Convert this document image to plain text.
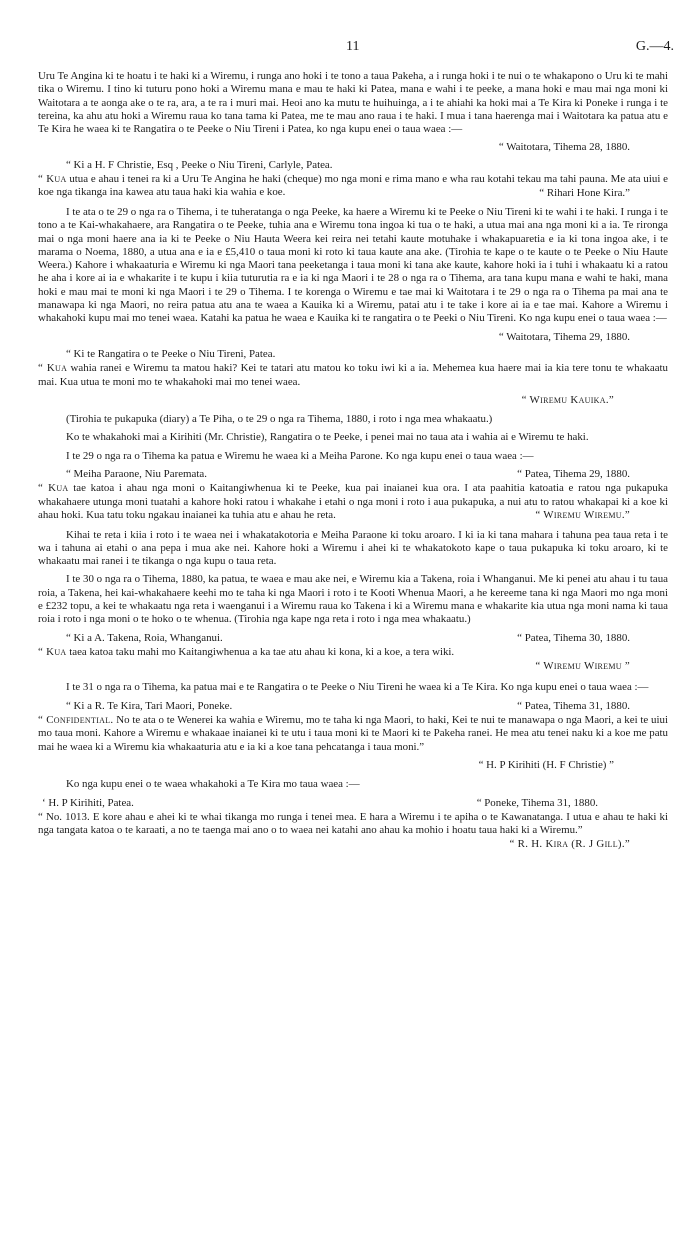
11	G.—4.

Uru Te Angina ki te hoatu i te haki ki a Wiremu, i runga ano hoki i te tono a taua Pakeha, a i runga hoki i te nui o te whakapono o Uru ki te mahi tika o Wiremu. I tino ki tuturu pono hoki a Wiremu mana e mau te haki ki Patea, mana e wahi i te peeke, a mana hoki e mau mai nga moni ki Waitotara a te aonga ake o te ra, ara, a te ra i muri mai. Heoi ano ka mutu te huihuinga, a i te ahiahi ka hoki mai a Te Kira ki Poneke i runga i te tereina, ka ahu atu hoki a Wiremu raua ko tana tama ki Patea, me te mau ano raua i te haki. I mua i tana haerenga mai i Waitotara ka patua atu e Te Kira he waea ki te Rangatira o te Peeke o Niu Tireni i Patea, ko nga kupu enei o taua waea :—

“ Waitotara, Tihema 28, 1880.
“ Ki a H. F Christie, Esq , Peeke o Niu Tireni, Carlyle, Patea.

“ Kua utua e ahau i tenei ra ki a Uru Te Angina he haki (cheque) mo nga moni e rima mano e wha rau kotahi tekau ma tahi pauna. Me ata uiui e koe nga tikanga ina kawea atu taua haki kia wahia e koe.	“ Rihari Hone Kira.”

I te ata o te 29 o nga ra o Tihema, i te tuheratanga o nga Peeke, ka haere a Wiremu ki te Peeke o Niu Tireni ki te wahi i te haki. I runga i te tono a te Kai-whakahaere, ara Rangatira o te Peeke, tuhia ana e Wiremu tona ingoa ki tua o te haki, a utua mai ana nga moni ki a ia. Te rironga mai o nga moni haere ana ia ki te Peeke o Niu Hauta Weera kei reira nei tetahi kaute motuhake i whakapuaretia e ia ki tona ingoa ake, i te marama o Noema, 1880, a utua ana e ia e £5,410 o taua moni ki roto ki taua kaute ana ake. (Tirohia te kape o te kaute o te Peeke o Niu Haute Weera.) Kahore i whakaaturia e Wiremu ki nga Maori tana peeketanga i taua moni ki tana ake kaute, kahore hoki ia i tuhi i whakaatu ki a ratou he aha i kore ai ia e whakarite i te kupu i kiia tuturutia ra e ia ki nga Maori i te 28 o nga ra o Tihema, ara tana kupu mana e wahi te haki, mana hoki e mau mai te moni ki nga Maori i te 29 o Tihema. I te korenga o Wiremu e tae mai ki Waitotara i te 29 o nga ra o Tihema pa mai ana te manawapa ki nga Maori, no reira patua atu ana te waea a Kauika ki a Wiremu, patai atu i te take i kore ai ia e tae mai. Kahore a Wiremu i whakahoki kupu mai mo tenei waea. Katahi ka patua he waea e Kauika ki te rangatira o te Peeki o Niu Tireni. Ko nga kupu enei o taua waea :—

“ Waitotara, Tihema 29, 1880.
“ Ki te Rangatira o te Peeke o Niu Tireni, Patea.

“ Kua wahia ranei e Wiremu ta matou haki? Kei te tatari atu matou ko toku iwi ki a ia. Mehemea kua haere mai ia kia tere tonu te whakaatu mai. Kua utua te moni mo te whakahoki mai mo tenei waea.

“ Wiremu Kauika.”

(Tirohia te pukapuka (diary) a Te Piha, o te 29 o nga ra Tihema, 1880, i roto i nga mea whakaatu.)

Ko te whakahoki mai a Kirihiti (Mr. Christie), Rangatira o te Peeke, i penei mai no taua ata i wahia ai e Wiremu te haki.

I te 29 o nga ra o Tihema ka patua e Wiremu he waea ki a Meiha Parone. Ko nga kupu enei o taua waea :—

“ Meiha Paraone, Niu Paremata.	“ Patea, Tihema 29, 1880.

“ Kua tae katoa i ahau nga moni o Kaitangiwhenua ki te Peeke, kua pai inaianei kua ora. I ata paahitia katoatia e ratou nga pukapuka whakahaere utunga moni tuatahi a kahore hoki ratou i whakahe i etahi o nga moni i roto i aua pukapuka, a nui atu to ratou whakapai ki a koe ki ahau hoki. Kua tatu toku ngakau inaianei ka tuhia atu e ahau he reta.	“ Wiremu Wiremu.”

Kihai te reta i kiia i roto i te waea nei i whakatakotoria e Meiha Paraone ki toku aroaro. I ki ia ki tana mahara i tahuna pea taua reta i te wa i tahuna ai etahi o ana pepa i mua ake nei. Kahore hoki a Wiremu i ahei ki te whakatokoto kape o taua pukapuka ki toku aroaro, ki te whakaatu mai ranei i te tikanga o nga kupu o taua reta.

I te 30 o nga ra o Tihema, 1880, ka patua, te waea e mau ake nei, e Wiremu kia a Takena, roia i Whanganui. Me ki penei atu ahau i tu taua roia, a Takena, hei kai-whakahaere keehi mo te taha ki nga Maori i roto i te Kooti Whenua Maori, a he kereeme tana ki nga Maori mo nga moni e £232 topu, a kei te whakaatu nga reta i waenganui i a Wiremu raua ko Takena i ki a Wiremu mana e whakarite kia utua nga moni nama ki taua roia i roto i nga moni o te hoko o te whenua. (Tirohia nga kape nga reta i roto i nga mea whakaatu.)

“ Ki a A. Takena, Roia, Whanganui.	“ Patea, Tihema 30, 1880.

“ Kua taea katoa taku mahi mo Kaitangiwhenua a ka tae atu ahau ki kona, ki a koe, a tera wiki.

“ Wiremu Wiremu ”

I te 31 o nga ra o Tihema, ka patua mai e te Rangatira o te Peeke o Niu Tireni he waea ki a Te Kira. Ko nga kupu enei o taua waea :—

“ Ki a R. Te Kira, Tari Maori, Poneke.	“ Patea, Tihema 31, 1880.

“ Confidential. No te ata o te Wenerei ka wahia e Wiremu, mo te taha ki nga Maori, to haki, Kei te nui te manawapa o nga Maori, a kei te uiui mo taua moni. Kahore a Wiremu e whakaae inaianei ki te utu i taua moni ki te Maori ki te Pakeha ranei. He mea atu tenei naku ki a koe me patu mai he waea ki a Wiremu kia whakaaturia atu e ia ki a koe tana pehcatanga i taua moni.”

“ H. P Kirihiti (H. F Christie) ”

Ko nga kupu enei o te waea whakahoki a Te Kira mo taua waea :—

‘ H. P Kirihiti, Patea.	“ Poneke, Tihema 31, 1880.

“ No. 1013. E kore ahau e ahei ki te whai tikanga mo runga i tenei mea. E hara a Wiremu i te apiha o te Kawanatanga. I utua e ahau te haki ki nga tangata katoa o te karaati, a no te taenga mai ano o to waea nei katahi ano ahau ka mohio i hoatu taua haki ki a Wiremu.”

“ R. H. Kira (R. J Gill).”
